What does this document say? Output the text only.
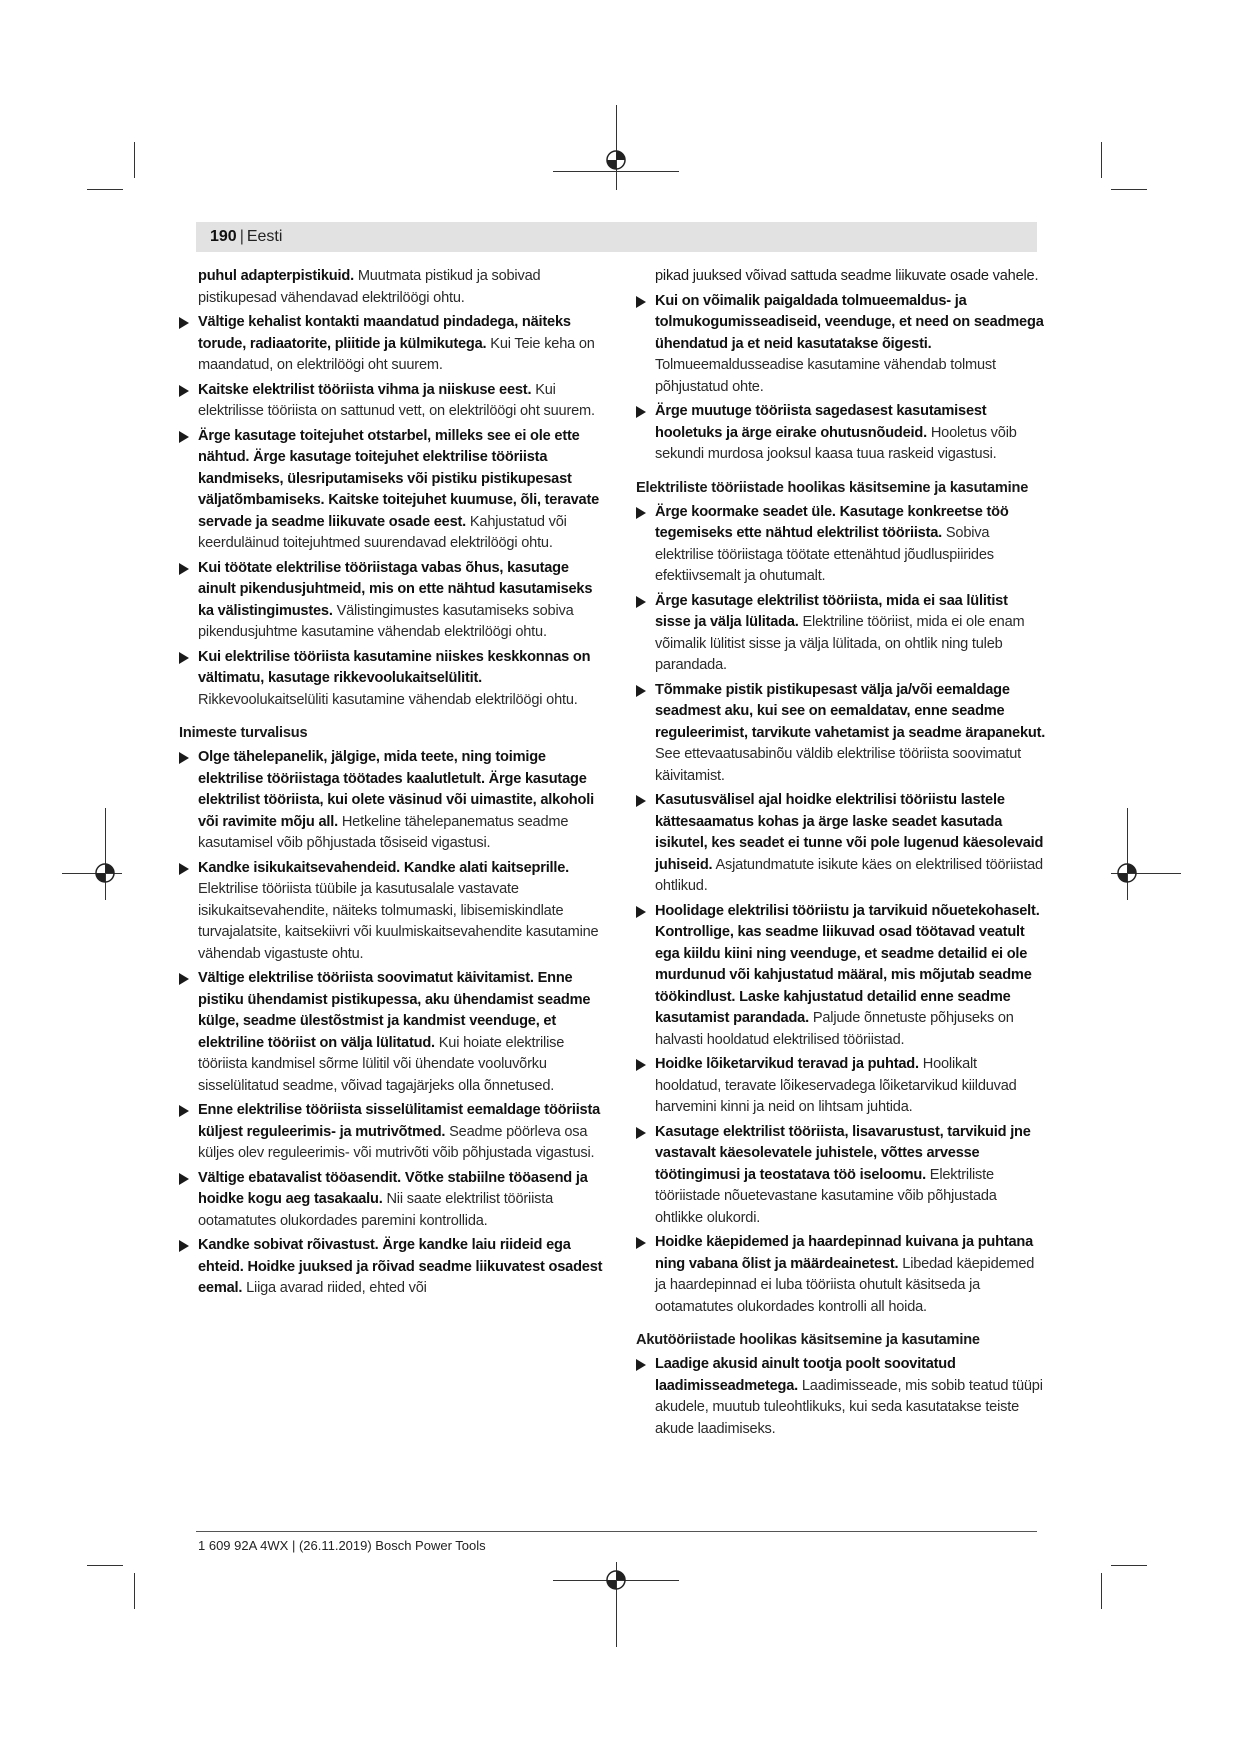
190 | Eesti

puhul adapterpistikuid. Muutmata pistikud ja sobivad pistikupesad vähendavad elektrilöögi ohtu.

Vältige kehalist kontakti maandatud pindadega, näiteks torude, radiaatorite, pliitide ja külmikutega. Kui Teie keha on maandatud, on elektrilöögi oht suurem.
Kaitske elektrilist tööriista vihma ja niiskuse eest. Kui elektrilisse tööriista on sattunud vett, on elektrilöögi oht suurem.
Ärge kasutage toitejuhet otstarbel, milleks see ei ole ette nähtud. Ärge kasutage toitejuhet elektrilise tööriista kandmiseks, ülesriputamiseks või pistiku pistikupesast väljatõmbamiseks. Kaitske toitejuhet kuumuse, õli, teravate servade ja seadme liikuvate osade eest. Kahjustatud või keerduläinud toitejuhtmed suurendavad elektrilöögi ohtu.
Kui töötate elektrilise tööriistaga vabas õhus, kasutage ainult pikendusjuhtmeid, mis on ette nähtud kasutamiseks ka välistingimustes. Välistingimustes kasutamiseks sobiva pikendusjuhtme kasutamine vähendab elektrilöögi ohtu.
Kui elektrilise tööriista kasutamine niiskes keskkonnas on vältimatu, kasutage rikkevoolukaitselülitit. Rikkevoolukaitselüliti kasutamine vähendab elektrilöögi ohtu.
Inimeste turvalisus
Olge tähelepanelik, jälgige, mida teete, ning toimige elektrilise tööriistaga töötades kaalutletult. Ärge kasutage elektrilist tööriista, kui olete väsinud või uimastite, alkoholi või ravimite mõju all. Hetkeline tähelepanematus seadme kasutamisel võib põhjustada tõsiseid vigastusi.
Kandke isikukaitsevahendeid. Kandke alati kaitseprille. Elektrilise tööriista tüübile ja kasutusalale vastavate isikukaitsevahendite, näiteks tolmumaski, libisemiskindlate turvajalatsite, kaitsekiivri või kuulmiskaitsevahendite kasutamine vähendab vigastuste ohtu.
Vältige elektrilise tööriista soovimatut käivitamist. Enne pistiku ühendamist pistikupessa, aku ühendamist seadme külge, seadme ülestõstmist ja kandmist veenduge, et elektriline tööriist on välja lülitatud. Kui hoiate elektrilise tööriista kandmisel sõrme lülitil või ühendate vooluvõrku sisselülitatud seadme, võivad tagajärjeks olla õnnetused.
Enne elektrilise tööriista sisselülitamist eemaldage tööriista küljest reguleerimis- ja mutrivõtmed. Seadme pöörleva osa küljes olev reguleerimis- või mutrivõti võib põhjustada vigastusi.
Vältige ebatavalist tööasendit. Võtke stabiilne tööasend ja hoidke kogu aeg tasakaalu. Nii saate elektrilist tööriista ootamatutes olukordades paremini kontrollida.
Kandke sobivat rõivastust. Ärge kandke laiu riideid ega ehteid. Hoidke juuksed ja rõivad seadme liikuvatest osadest eemal. Liiga avarad riided, ehted või

pikad juuksed võivad sattuda seadme liikuvate osade vahele.

Kui on võimalik paigaldada tolmueemaldus- ja tolmukogumisseadiseid, veenduge, et need on seadmega ühendatud ja et neid kasutatakse õigesti. Tolmueemaldusseadise kasutamine vähendab tolmust põhjustatud ohte.
Ärge muutuge tööriista sagedasest kasutamisest hooletuks ja ärge eirake ohutusnõudeid. Hooletus võib sekundi murdosa jooksul kaasa tuua raskeid vigastusi.
Elektriliste tööriistade hoolikas käsitsemine ja kasutamine
Ärge koormake seadet üle. Kasutage konkreetse töö tegemiseks ette nähtud elektrilist tööriista. Sobiva elektrilise tööriistaga töötate ettenähtud jõudluspiirides efektiivsemalt ja ohutumalt.
Ärge kasutage elektrilist tööriista, mida ei saa lülitist sisse ja välja lülitada. Elektriline tööriist, mida ei ole enam võimalik lülitist sisse ja välja lülitada, on ohtlik ning tuleb parandada.
Tõmmake pistik pistikupesast välja ja/või eemaldage seadmest aku, kui see on eemaldatav, enne seadme reguleerimist, tarvikute vahetamist ja seadme ärapanekut. See ettevaatusabinõu väldib elektrilise tööriista soovimatut käivitamist.
Kasutusvälisel ajal hoidke elektrilisi tööriistu lastele kättesaamatus kohas ja ärge laske seadet kasutada isikutel, kes seadet ei tunne või pole lugenud käesolevaid juhiseid. Asjatundmatute isikute käes on elektrilised tööriistad ohtlikud.
Hoolidage elektrilisi tööriistu ja tarvikuid nõuetekohaselt. Kontrollige, kas seadme liikuvad osad töötavad veatult ega kiildu kiini ning veenduge, et seadme detailid ei ole murdunud või kahjustatud määral, mis mõjutab seadme töökindlust. Laske kahjustatud detailid enne seadme kasutamist parandada. Paljude õnnetuste põhjuseks on halvasti hooldatud elektrilised tööriistad.
Hoidke lõiketarvikud teravad ja puhtad. Hoolikalt hooldatud, teravate lõikeservadega lõiketarvikud kiilduvad harvemini kinni ja neid on lihtsam juhtida.
Kasutage elektrilist tööriista, lisavarustust, tarvikuid jne vastavalt käesolevatele juhistele, võttes arvesse töötingimusi ja teostatava töö iseloomu. Elektriliste tööriistade nõuetevastane kasutamine võib põhjustada ohtlikke olukordi.
Hoidke käepidemed ja haardepinnad kuivana ja puhtana ning vabana õlist ja määrdeainetest. Libedad käepidemed ja haardepinnad ei luba tööriista ohutult käsitseda ja ootamatutes olukordades kontrolli all hoida.
Akutööriistade hoolikas käsitsemine ja kasutamine
Laadige akusid ainult tootja poolt soovitatud laadimisseadmetega. Laadimisseade, mis sobib teatud tüüpi akudele, muutub tuleohtlikuks, kui seda kasutatakse teiste akude laadimiseks.
1 609 92A 4WX | (26.11.2019) Bosch Power Tools
